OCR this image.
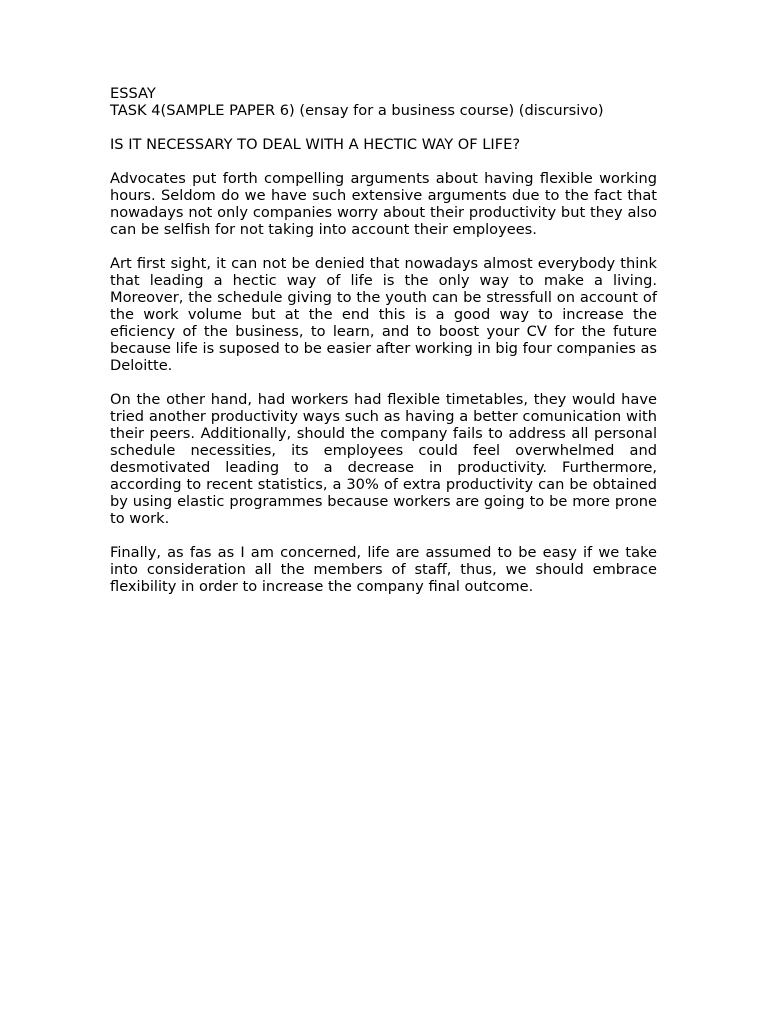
ESSAY

TASK 4(SAMPLE PAPER 6) (ensay for a business course) (discursivo)

IS IT NECESSARY TO DEAL WITH A HECTIC WAY OF LIFE?

Advocates put forth compelling arguments about having flexible working hours. Seldom do we have such extensive arguments due to the fact that nowadays not only companies worry about their productivity but they also can be selfish for not taking into account their employees.

Art first sight, it can not be denied that nowadays almost everybody think that leading a hectic way of life is the only way to make a living. Moreover, the schedule giving to the youth can be stressfull on account of the work volume but at the end this is a good way to increase the eficiency of the business, to learn, and to boost your CV for the future because life is suposed to be easier after working in big four companies as Deloitte.

On the other hand, had workers had flexible timetables, they would have tried another productivity ways such as having a better comunication with their peers. Additionally, should the company fails to address all personal schedule necessities, its employees could feel overwhelmed and desmotivated leading to a decrease in productivity. Furthermore, according to recent statistics, a 30% of extra productivity can be obtained by using elastic programmes because workers are going to be more prone to work.

Finally, as fas as I am concerned, life are assumed to be easy if we take into consideration all the members of staff, thus, we should embrace flexibility in order to increase the company final outcome.
